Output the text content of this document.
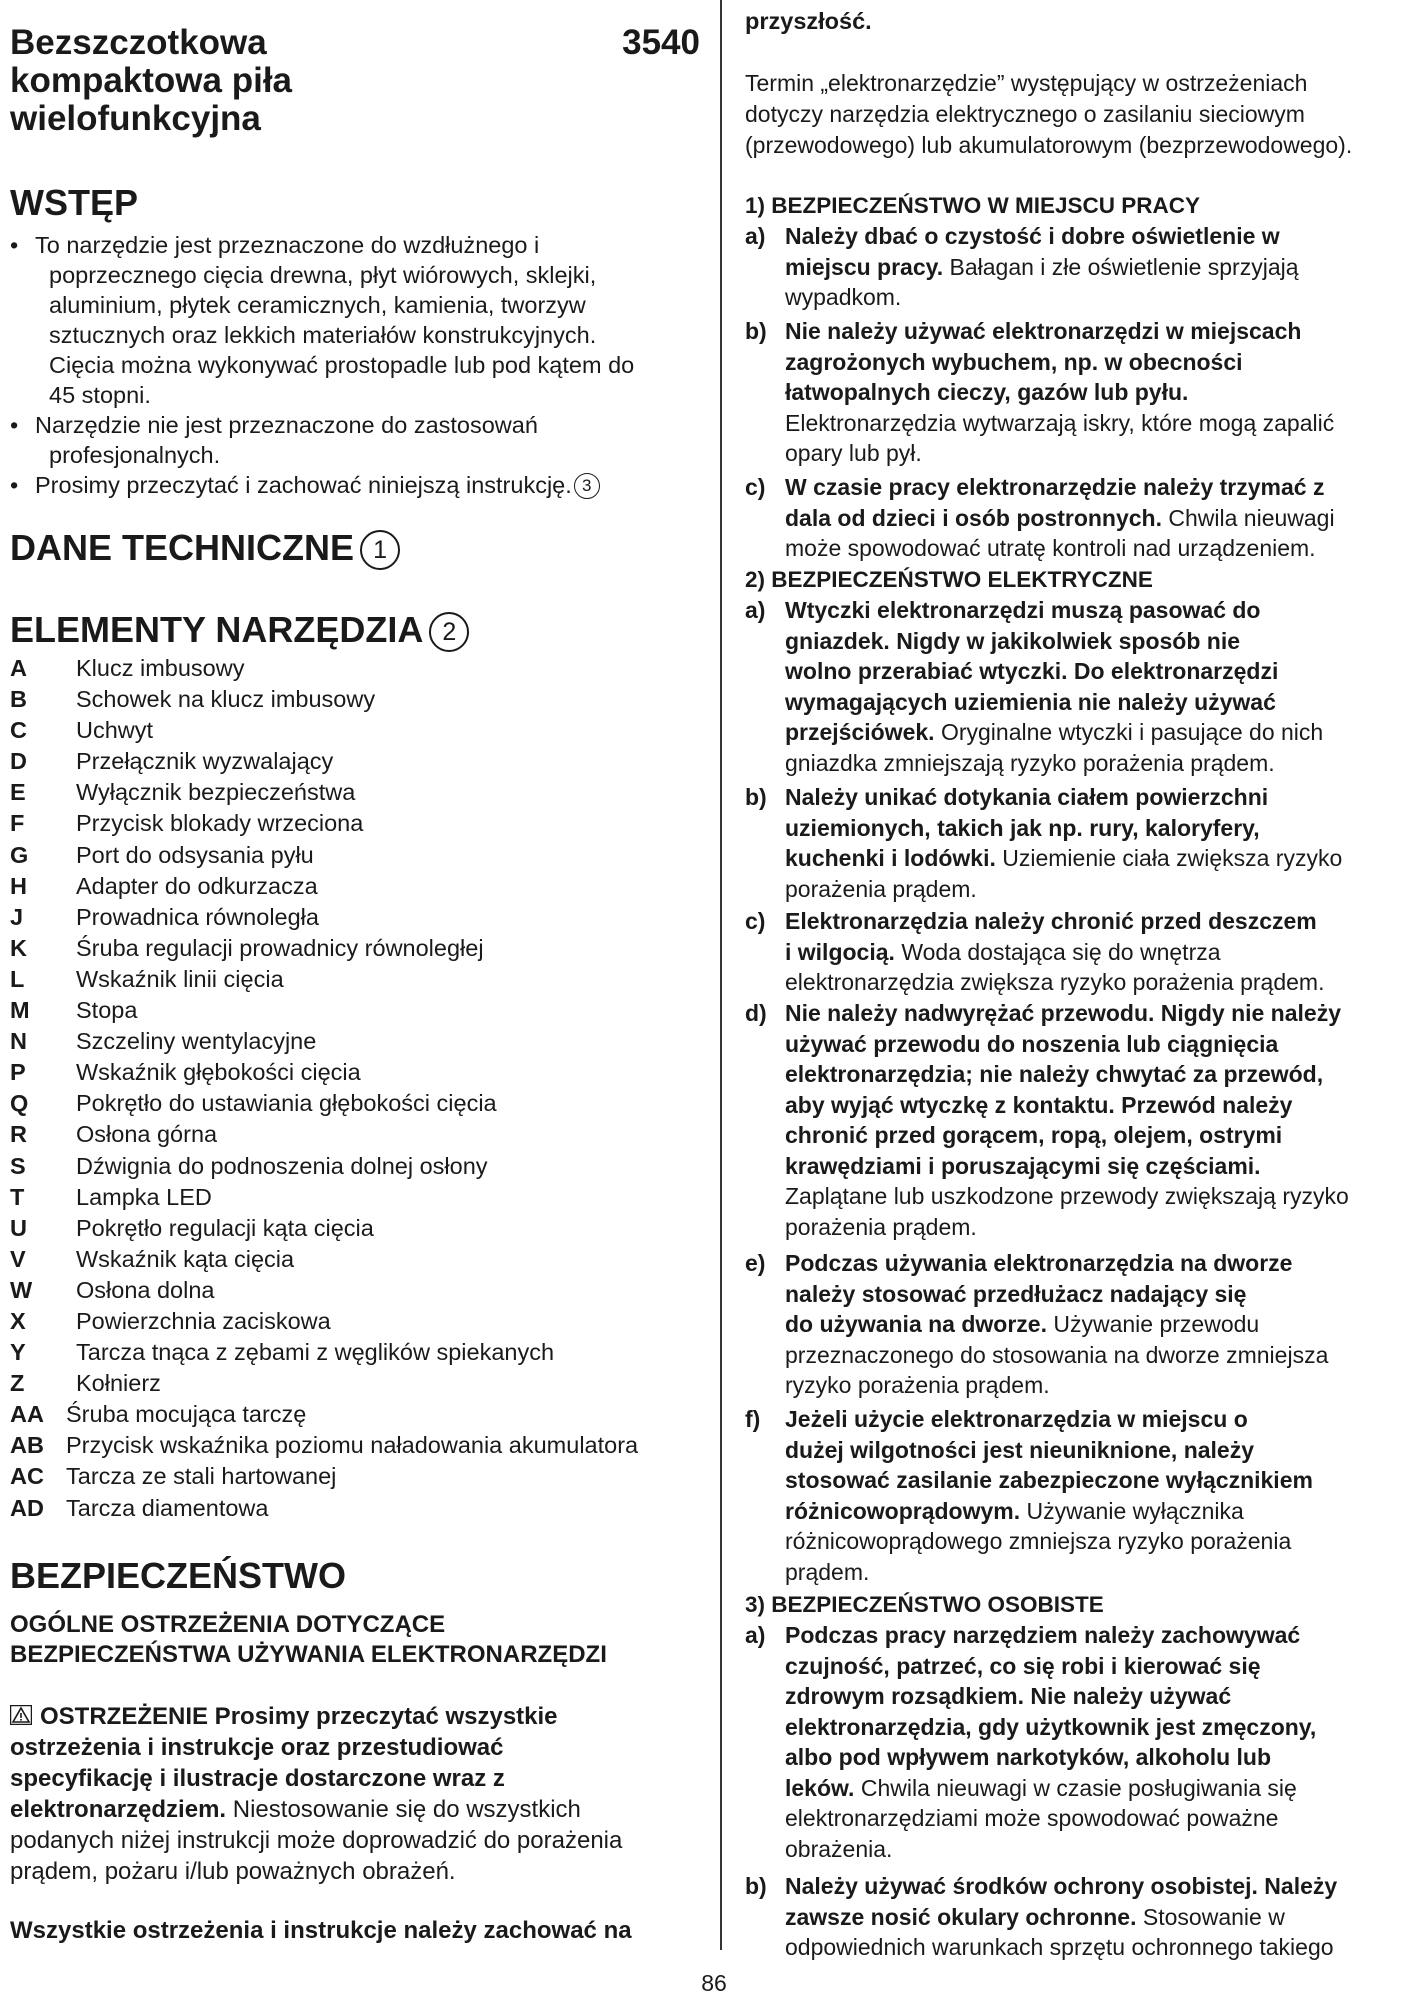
Bezszczotkowa
kompaktowa piła
wielofunkcyjna
3540
WSTĘP
• To narzędzie jest przeznaczone do wzdłużnego i
poprzecznego cięcia drewna, płyt wiórowych, sklejki,
aluminium, płytek ceramicznych, kamienia, tworzyw
sztucznych oraz lekkich materiałów konstrukcyjnych.
Cięcia można wykonywać prostopadle lub pod kątem do
45 stopni.
• Narzędzie nie jest przeznaczone do zastosowań
profesjonalnych.
• Prosimy przeczytać i zachować niniejszą instrukcję. 3
DANE TECHNICZNE 1
ELEMENTY NARZĘDZIA 2
A Klucz imbusowy
B Schowek na klucz imbusowy
C Uchwyt
D Przełącznik wyzwalający
E Wyłącznik bezpieczeństwa
F Przycisk blokady wrzeciona
G Port do odsysania pyłu
H Adapter do odkurzacza
J Prowadnica równoległa
K Śruba regulacji prowadnicy równoległej
L Wskaźnik linii cięcia
M Stopa
N Szczeliny wentylacyjne
P Wskaźnik głębokości cięcia
Q Pokrętło do ustawiania głębokości cięcia
R Osłona górna
S Dźwignia do podnoszenia dolnej osłony
T Lampka LED
U Pokrętło regulacji kąta cięcia
V Wskaźnik kąta cięcia
W Osłona dolna
X Powierzchnia zaciskowa
Y Tarcza tnąca z zębami z węglików spiekanych
Z Kołnierz
AA Śruba mocująca tarczę
AB Przycisk wskaźnika poziomu naładowania akumulatora
AC Tarcza ze stali hartowanej
AD Tarcza diamentowa
BEZPIECZEŃSTWO
OGÓLNE OSTRZEŻENIA DOTYCZĄCE
BEZPIECZEŃSTWA UŻYWANIA ELEKTRONARZĘDZI
OSTRZEŻENIE Prosimy przeczytać wszystkie
ostrzeżenia i instrukcje oraz przestudiować
specyfikację i ilustracje dostarczone wraz z
elektronarzędziem. Niestosowanie się do wszystkich
podanych niżej instrukcji może doprowadzić do porażenia
prądem, pożaru i/lub poważnych obrażeń.
Wszystkie ostrzeżenia i instrukcje należy zachować na
przyszłość.
Termin „elektronarzędzie” występujący w ostrzeżeniach
dotyczy narzędzia elektrycznego o zasilaniu sieciowym
(przewodowego) lub akumulatorowym (bezprzewodowego).
1) BEZPIECZEŃSTWO W MIEJSCU PRACY
a) Należy dbać o czystość i dobre oświetlenie w
miejscu pracy. Bałagan i złe oświetlenie sprzyjają
wypadkom.
b) Nie należy używać elektronarzędzi w miejscach
zagrożonych wybuchem, np. w obecności
łatwopalnych cieczy, gazów lub pyłu.
Elektronarzędzia wytwarzają iskry, które mogą zapalić
opary lub pył.
c) W czasie pracy elektronarzędzie należy trzymać z
dala od dzieci i osób postronnych. Chwila nieuwagi
może spowodować utratę kontroli nad urządzeniem.
2) BEZPIECZEŃSTWO ELEKTRYCZNE
a) Wtyczki elektronarzędzi muszą pasować do
gniazdek. Nigdy w jakikolwiek sposób nie
wolno przerabiać wtyczki. Do elektronarzędzi
wymagających uziemienia nie należy używać
przejściówek. Oryginalne wtyczki i pasujące do nich
gniazdka zmniejszają ryzyko porażenia prądem.
b) Należy unikać dotykania ciałem powierzchni
uziemionych, takich jak np. rury, kaloryfery,
kuchenki i lodówki. Uziemienie ciała zwiększa ryzyko
porażenia prądem.
c) Elektronarzędzia należy chronić przed deszczem
i wilgocią. Woda dostająca się do wnętrza
elektronarzędzia zwiększa ryzyko porażenia prądem.
d) Nie należy nadwyrężać przewodu. Nigdy nie należy
używać przewodu do noszenia lub ciągnięcia
elektronarzędzia; nie należy chwytać za przewód,
aby wyjąć wtyczkę z kontaktu. Przewód należy
chronić przed gorącem, ropą, olejem, ostrymi
krawędziami i poruszającymi się częściami.
Zaplątane lub uszkodzone przewody zwiększają ryzyko
porażenia prądem.
e) Podczas używania elektronarzędzia na dworze
należy stosować przedłużacz nadający się
do używania na dworze. Używanie przewodu
przeznaczonego do stosowania na dworze zmniejsza
ryzyko porażenia prądem.
f) Jeżeli użycie elektronarzędzia w miejscu o
dużej wilgotności jest nieuniknione, należy
stosować zasilanie zabezpieczone wyłącznikiem
różnicowoprądowym. Używanie wyłącznika
różnicowoprądowego zmniejsza ryzyko porażenia
prądem.
3) BEZPIECZEŃSTWO OSOBISTE
a) Podczas pracy narzędziem należy zachowywać
czujność, patrzeć, co się robi i kierować się
zdrowym rozsądkiem. Nie należy używać
elektronarzędzia, gdy użytkownik jest zmęczony,
albo pod wpływem narkotyków, alkoholu lub
leków. Chwila nieuwagi w czasie posługiwania się
elektronarzędziami może spowodować poważne
obrażenia.
b) Należy używać środków ochrony osobistej. Należy
zawsze nosić okulary ochronne. Stosowanie w
odpowiednich warunkach sprzętu ochronnego takiego
86
